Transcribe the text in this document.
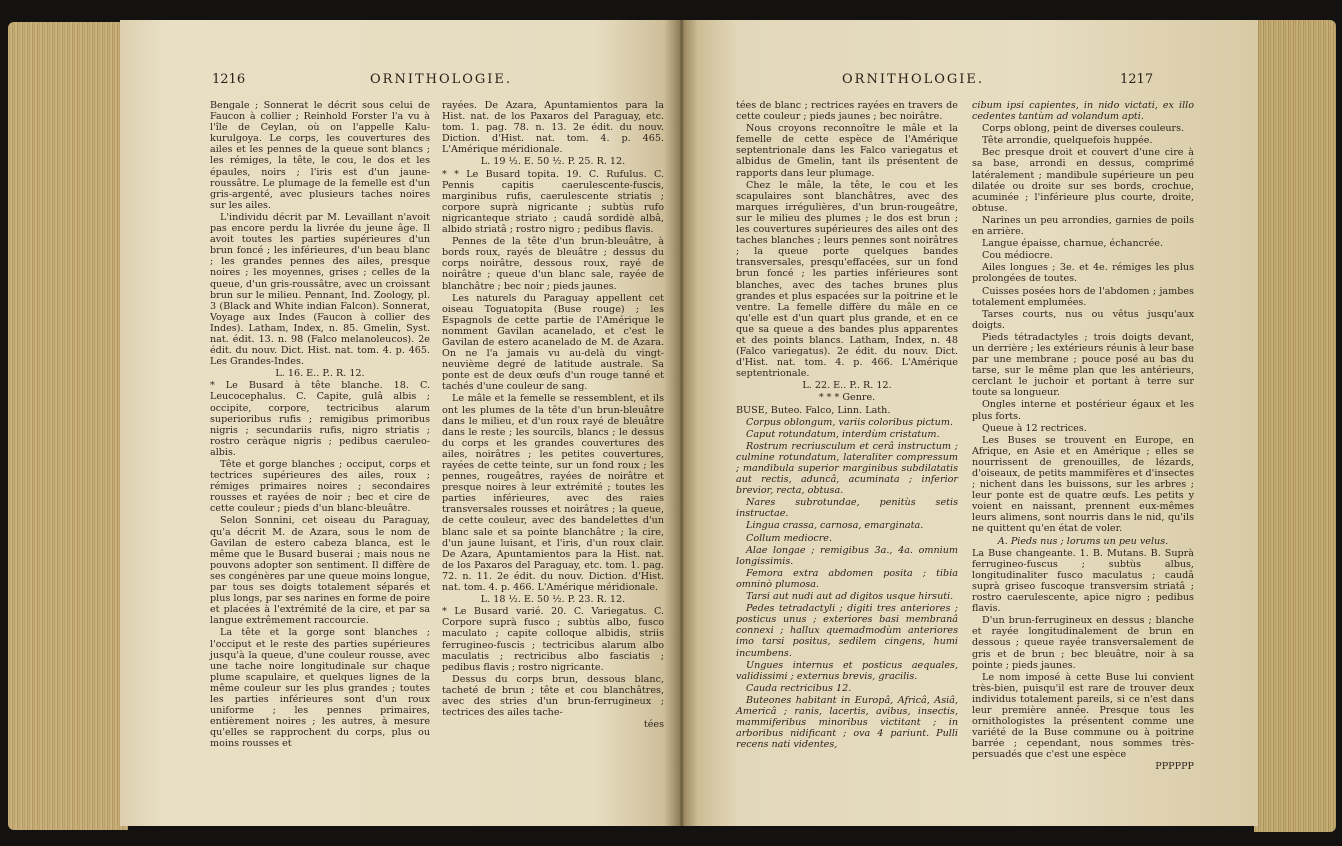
1216	ORNITHOLOGIE.

Bengale ; Sonnerat le décrit sous celui de Faucon à collier ; Reinhold Forster l'a vu à l'île de Ceylan, où on l'appelle Kalu-kurulgoya. Le corps, les couvertures des ailes et les pennes de la queue sont blancs ; les rémiges, la tête, le cou, le dos et les épaules, noirs ; l'iris est d'un jaune-roussâtre. Le plumage de la femelle est d'un gris-argenté, avec plusieurs taches noires sur les ailes.

L'individu décrit par M. Levaillant n'avoit pas encore perdu la livrée du jeune âge. Il avoit toutes les parties supérieures d'un brun foncé ; les inférieures, d'un beau blanc ; les grandes pennes des ailes, presque noires ; les moyennes, grises ; celles de la queue, d'un gris-roussâtre, avec un croissant brun sur le milieu. Pennant, Ind. Zoology, pl. 3 (Black and White indian Falcon). Sonnerat, Voyage aux Indes (Faucon à collier des Indes). Latham, Index, n. 85. Gmelin, Syst. nat. édit. 13. n. 98 (Falco melanoleucos). 2e édit. du nouv. Dict. Hist. nat. tom. 4. p. 465. Les Grandes-Indes.

L. 16. E.. P.. R. 12.

* Le Busard à tête blanche. 18. C. Leucocephalus. C. Capite, gulâ albis ; occipite, corpore, tectricibus alarum superioribus rufis ; remigibus primoribus nigris ; secundariis rufis, nigro striatis ; rostro ceràque nigris ; pedibus caeruleo-albis.

Tête et gorge blanches ; occiput, corps et tectrices supérieures des ailes, roux ; rémiges primaires noires ; secondaires rousses et rayées de noir ; bec et cire de cette couleur ; pieds d'un blanc-bleuâtre.

Selon Sonnini, cet oiseau du Paraguay, qu'a décrit M. de Azara, sous le nom de Gavilan de estero cabeza blanca, est le même que le Busard buserai ; mais nous ne pouvons adopter son sentiment. Il diffère de ses congénères par une queue moins longue, par tous ses doigts totalement séparés et plus longs, par ses narines en forme de poire et placées à l'extrémité de la cire, et par sa langue extrêmement raccourcie.

La tête et la gorge sont blanches ; l'occiput et le reste des parties supérieures jusqu'à la queue, d'une couleur rousse, avec une tache noire longitudinale sur chaque plume scapulaire, et quelques lignes de la même couleur sur les plus grandes ; toutes les parties inférieures sont d'un roux uniforme ; les pennes primaires, entièrement noires ; les autres, à mesure qu'elles se rapprochent du corps, plus ou moins rousses et

rayées. De Azara, Apuntamientos para la Hist. nat. de los Paxaros del Paraguay, etc. tom. 1. pag. 78. n. 13. 2e édit. du nouv. Diction. d'Hist. nat. tom. 4. p. 465. L'Amérique méridionale.

L. 19 ½. E. 50 ½. P. 25. R. 12.

* * Le Busard topita. 19. C. Rufulus. C. Pennis capitis caerulescente-fuscis, marginibus rufis, caerulescente striatis ; corpore suprà nigricante ; subtùs rufo nigricanteque striato ; caudâ sordidè albâ, albido striatâ ; rostro nigro ; pedibus flavis.

Pennes de la tête d'un brun-bleuâtre, à bords roux, rayés de bleuâtre ; dessus du corps noirâtre, dessous roux, rayé de noirâtre ; queue d'un blanc sale, rayée de blanchâtre ; bec noir ; pieds jaunes.

Les naturels du Paraguay appellent cet oiseau Toguatopita (Buse rouge) ; les Espagnols de cette partie de l'Amérique le nomment Gavilan acanelado, et c'est le Gavilan de estero acanelado de M. de Azara. On ne l'a jamais vu au-delà du vingt-neuvième degré de latitude australe. Sa ponte est de deux œufs d'un rouge tanné et tachés d'une couleur de sang.

Le mâle et la femelle se ressemblent, et ils ont les plumes de la tête d'un brun-bleuâtre dans le milieu, et d'un roux rayé de bleuâtre dans le reste ; les sourcils, blancs ; le dessus du corps et les grandes couvertures des ailes, noirâtres ; les petites couvertures, rayées de cette teinte, sur un fond roux ; les pennes, rougeâtres, rayées de noirâtre et presque noires à leur extrémité ; toutes les parties inférieures, avec des raies transversales rousses et noirâtres ; la queue, de cette couleur, avec des bandelettes d'un blanc sale et sa pointe blanchâtre ; la cire, d'un jaune luisant, et l'iris, d'un roux clair. De Azara, Apuntamientos para la Hist. nat. de los Paxaros del Paraguay, etc. tom. 1. pag. 72. n. 11. 2e édit. du nouv. Diction. d'Hist. nat. tom. 4. p. 466. L'Amérique méridionale.

L. 18 ½. E. 50 ½. P. 23. R. 12.

* Le Busard varié. 20. C. Variegatus. C. Corpore suprà fusco ; subtùs albo, fusco maculato ; capite colloque albidis, striis ferrugineo-fuscis ; tectricibus alarum albo maculatis ; rectricibus albo fasciatis ; pedibus flavis ; rostro nigricante.

Dessus du corps brun, dessous blanc, tacheté de brun ; tête et cou blanchâtres, avec des stries d'un brun-ferrugineux ; tectrices des ailes tache-

tées

ORNITHOLOGIE.	1217

tées de blanc ; rectrices rayées en travers de cette couleur ; pieds jaunes ; bec noirâtre.

Nous croyons reconnoître le mâle et la femelle de cette espèce de l'Amérique septentrionale dans les Falco variegatus et albidus de Gmelin, tant ils présentent de rapports dans leur plumage.

Chez le mâle, la tête, le cou et les scapulaires sont blanchâtres, avec des marques irrégulières, d'un brun-rougeâtre, sur le milieu des plumes ; le dos est brun ; les couvertures supérieures des ailes ont des taches blanches ; leurs pennes sont noirâtres ; la queue porte quelques bandes transversales, presqu'effacées, sur un fond brun foncé ; les parties inférieures sont blanches, avec des taches brunes plus grandes et plus espacées sur la poitrine et le ventre. La femelle diffère du mâle en ce qu'elle est d'un quart plus grande, et en ce que sa queue a des bandes plus apparentes et des points blancs. Latham, Index, n. 48 (Falco variegatus). 2e édit. du nouv. Dict. d'Hist. nat. tom. 4. p. 466. L'Amérique septentrionale.

L. 22. E.. P.. R. 12.

* * * Genre.

BUSE, Buteo. Falco, Linn. Lath.

Corpus oblongum, variis coloribus pictum.

Caput rotundatum, interdùm cristatum.

Rostrum recriusculum et cerâ instructum ; culmine rotundatum, lateraliter compressum ; mandibula superior marginibus subdilatatis aut rectis, aduncâ, acuminata ; inferior brevior, recta, obtusa.

Nares subrotundae, penitùs setis instructae.

Lingua crassa, carnosa, emarginata.

Collum mediocre.

Alae longae ; remigibus 3a., 4a. omnium longissimis.

Femora extra abdomen posita ; tibia omninò plumosa.

Tarsi aut nudi aut ad digitos usque hirsuti.

Pedes tetradactyli ; digiti tres anteriores ; posticus unus ; exteriores basi membranâ connexi ; hallux quemadmodùm anteriores imo tarsi positus, sedilem cingens, humi incumbens.

Ungues internus et posticus aequales, validissimi ; externus brevis, gracilis.

Cauda rectricibus 12.

Buteones habitant in Europâ, Africâ, Asiâ, Americâ ; ranis, lacertis, avibus, insectis, mammiferibus minoribus victitant ; in arboribus nidificant ; ova 4 pariunt. Pulli recens nati videntes,

cibum ipsi capientes, in nido victati, ex illo cedentes tantùm ad volandum apti.

Corps oblong, peint de diverses couleurs.

Tête arrondie, quelquefois huppée.

Bec presque droit et couvert d'une cire à sa base, arrondi en dessus, comprimé latéralement ; mandibule supérieure un peu dilatée ou droite sur ses bords, crochue, acuminée ; l'inférieure plus courte, droite, obtuse.

Narines un peu arrondies, garnies de poils en arrière.

Langue épaisse, charnue, échancrée.

Cou médiocre.

Ailes longues ; 3e. et 4e. rémiges les plus prolongées de toutes.

Cuisses posées hors de l'abdomen ; jambes totalement emplumées.

Tarses courts, nus ou vêtus jusqu'aux doigts.

Pieds tétradactyles ; trois doigts devant, un derrière ; les extérieurs réunis à leur base par une membrane ; pouce posé au bas du tarse, sur le même plan que les antérieurs, cerclant le juchoir et portant à terre sur toute sa longueur.

Ongles interne et postérieur égaux et les plus forts.

Queue à 12 rectrices.

Les Buses se trouvent en Europe, en Afrique, en Asie et en Amérique ; elles se nourrissent de grenouilles, de lézards, d'oiseaux, de petits mammifères et d'insectes ; nichent dans les buissons, sur les arbres ; leur ponte est de quatre œufs. Les petits y voient en naissant, prennent eux-mêmes leurs alimens, sont nourris dans le nid, qu'ils ne quittent qu'en état de voler.

A. Pieds nus ; lorums un peu velus.

La Buse changeante. 1. B. Mutans. B. Suprà ferrugineo-fuscus ; subtùs albus, longitudinaliter fusco maculatus ; caudâ suprà griseo fuscoque transversim striatâ ; rostro caerulescente, apice nigro ; pedibus flavis.

D'un brun-ferrugineux en dessus ; blanche et rayée longitudinalement de brun en dessous ; queue rayée transversalement de gris et de brun ; bec bleuâtre, noir à sa pointe ; pieds jaunes.

Le nom imposé à cette Buse lui convient très-bien, puisqu'il est rare de trouver deux individus totalement pareils, si ce n'est dans leur première année. Presque tous les ornithologistes la présentent comme une variété de la Buse commune ou à poitrine barrée ; cependant, nous sommes très-persuadés que c'est une espèce

PPPPPP
